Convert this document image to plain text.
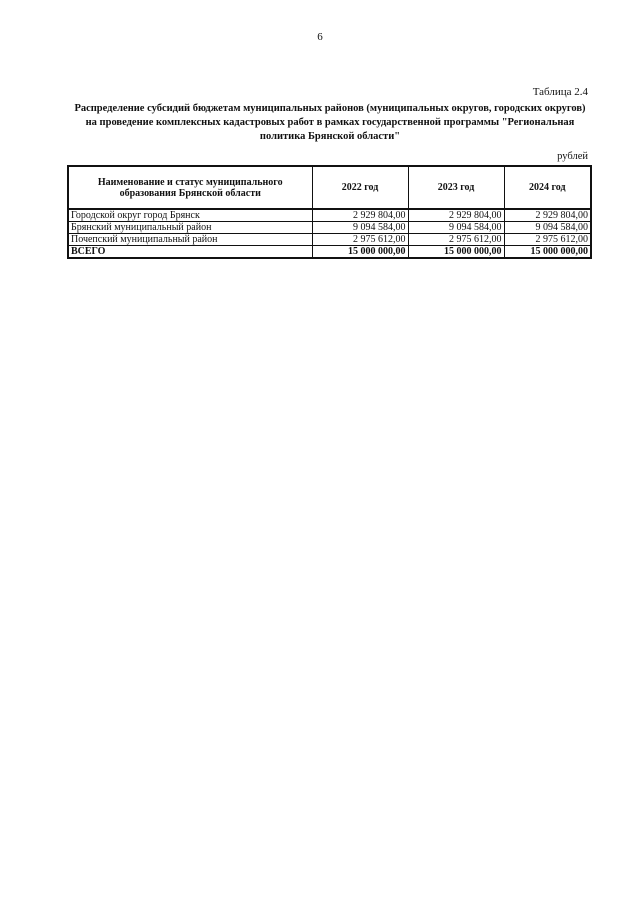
6
Таблица 2.4
Распределение субсидий бюджетам муниципальных районов (муниципальных округов, городских округов)
на проведение комплексных кадастровых работ в рамках государственной программы "Региональная
политика Брянской области"
рублей
Наименование и статус муниципального
образования Брянской области	2022 год	2023 год	2024 год
Городской округ город Брянск	2 929 804,00	2 929 804,00	2 929 804,00
Брянский муниципальный район	9 094 584,00	9 094 584,00	9 094 584,00
Почепский муниципальный район	2 975 612,00	2 975 612,00	2 975 612,00
ВСЕГО	15 000 000,00	15 000 000,00	15 000 000,00
